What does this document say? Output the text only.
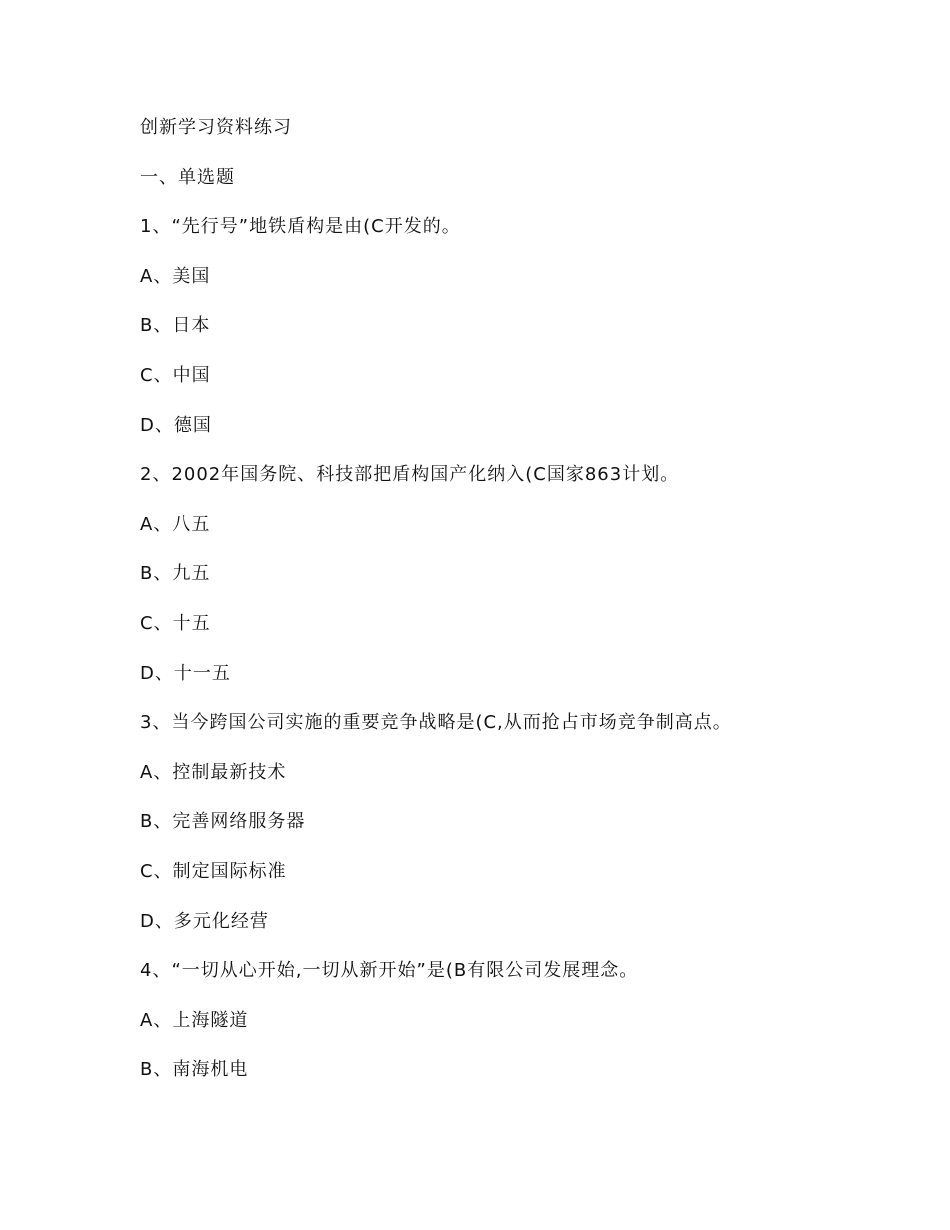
创新学习资料练习
一、单选题
1、“先行号”地铁盾构是由(C开发的。
A、美国
B、日本
C、中国
D、德国
2、2002年国务院、科技部把盾构国产化纳入(C国家863计划。
A、八五
B、九五
C、十五
D、十一五
3、当今跨国公司实施的重要竞争战略是(C,从而抢占市场竞争制高点。
A、控制最新技术
B、完善网络服务器
C、制定国际标准
D、多元化经营
4、“一切从心开始,一切从新开始”是(B有限公司发展理念。
A、上海隧道
B、南海机电
